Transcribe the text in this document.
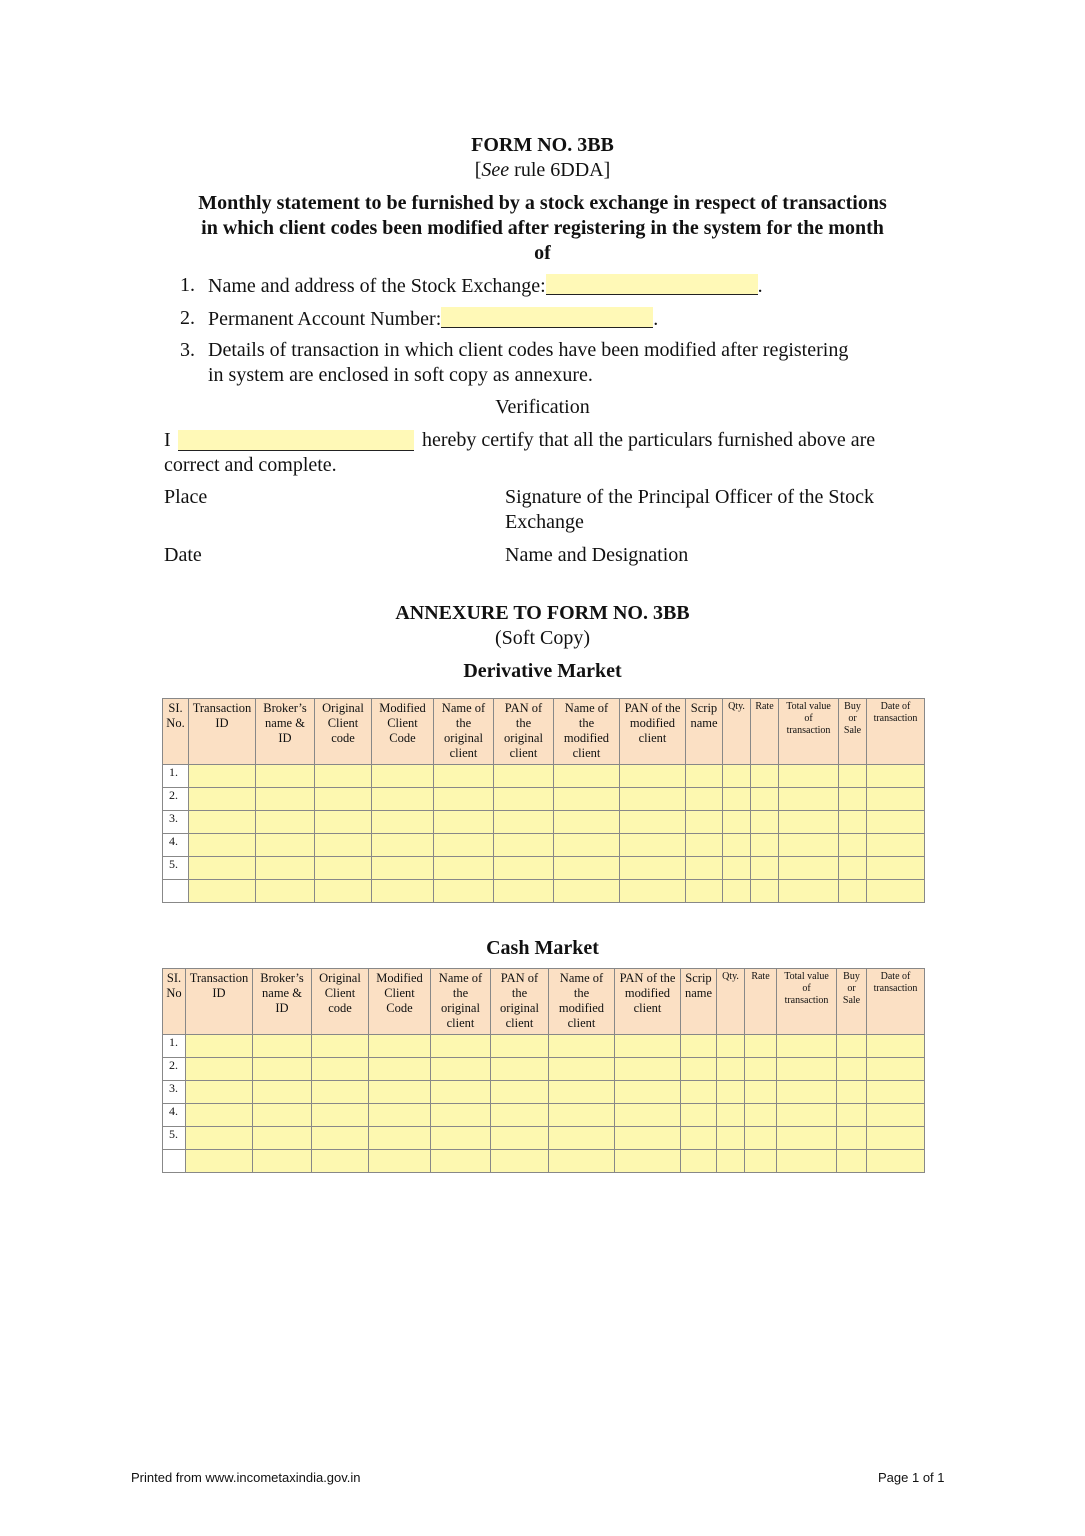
FORM NO. 3BB
[See rule 6DDA]
Monthly statement to be furnished by a stock exchange in respect of transactions
in which client codes been modified after registering in the system for the month
of
1. Name and address of the Stock Exchange:	.
2. Permanent Account Number:	.
3. Details of transaction in which client codes have been modified after registering
in system are enclosed in soft copy as annexure.
Verification
I	hereby certify that all the particulars furnished above are
correct and complete.
Place	Signature of the Principal Officer of the Stock
Exchange
Date	Name and Designation
ANNEXURE TO FORM NO. 3BB
(Soft Copy)
Derivative Market
SI.
No.	Transaction
ID	Broker’s
name &
ID	Original
Client
code	Modified
Client
Code	Name of
the
original
client	PAN of
the
original
client	Name of
the
modified
client	PAN of the
modified
client	Scrip
name	Qty.	Rate	Total value
of
transaction	Buy
or
Sale	Date of
transaction
1.														
2.														
3.														
4.														
5.														

Cash Market
SI.
No	Transaction
ID	Broker’s
name &
ID	Original
Client
code	Modified
Client
Code	Name of
the
original
client	PAN of
the
original
client	Name of
the
modified
client	PAN of the
modified
client	Scrip
name	Qty.	Rate	Total value
of
transaction	Buy
or
Sale	Date of
transaction
1.														
2.														
3.														
4.														
5.														

Printed from www.incometaxindia.gov.in	Page 1 of 1
